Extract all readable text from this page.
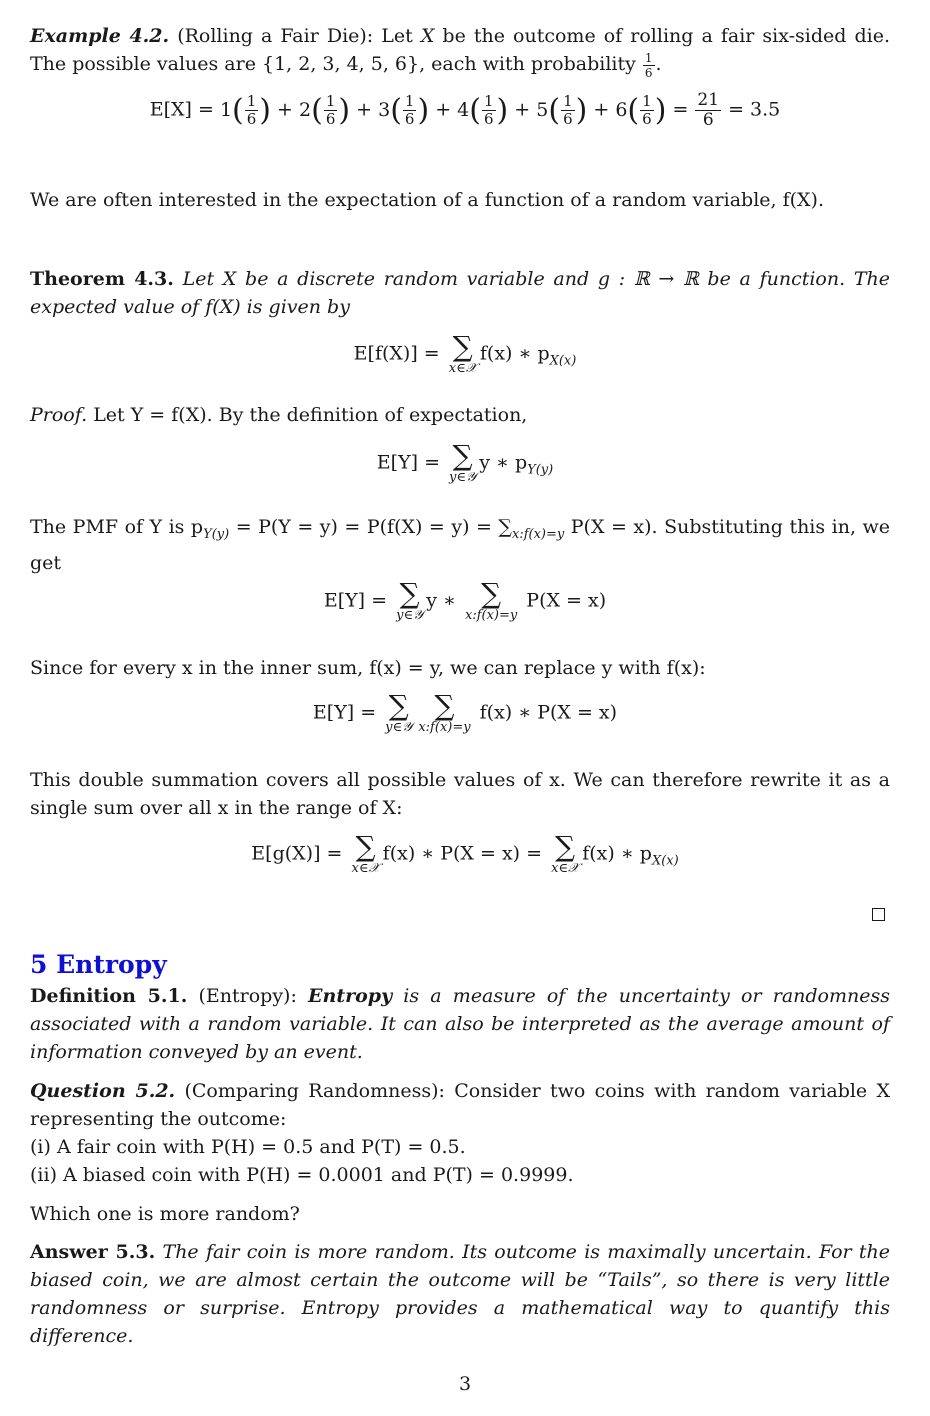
Example 4.2. (Rolling a Fair Die): Let X be the outcome of rolling a fair six-sided die. The possible values are {1, 2, 3, 4, 5, 6}, each with probability $\frac{1}{6}$ .
$E[X] = 1( \frac{1}{6}$ ) + $2( \frac{1}{6}$ ) + $3( \frac{1}{6}$ ) + $4( \frac{1}{6}$ ) + $5( \frac{1}{6}$ ) + $6( \frac{1}{6}$ ) = $\frac{21}{6} = 3.5$
We are often interested in the expectation of a function of a random variable, f(X).
Theorem 4.3. Let X be a discrete random variable and g : ℝ → ℝ be a function. The expected value of f(X) is given by
E[f(X)] = ∑
x∈𝒳
f(x) ∗ $p_{X(x)}$
Proof. Let Y = f(X). By the definition of expectation,
E[Y] = ∑
y∈𝒴
y ∗ $p_{Y(y)}$
The PMF of Y is $p_{Y(y)} = P(Y = y) = P(f(X) = y) = \sum_{x:f(x)=y}$ P(X = x). Substituting this in, we get
E[Y] = ∑
y∈𝒴
y ∗ ∑
x:f(x)=y
P(X = x)
Since for every x in the inner sum, f(x) = y, we can replace y with f(x):
E[Y] = ∑
y∈𝒴
∑
x:f(x)=y
f(x) ∗ P(X = x)
This double summation covers all possible values of x. We can therefore rewrite it as a single sum over all x in the range of X:
E[g(X)] = ∑
x∈𝒳
f(x) ∗ P(X = x) = ∑
x∈𝒳
f(x) ∗ $p_{X(x)}$
5 Entropy
Definition 5.1. (Entropy): Entropy is a measure of the uncertainty or randomness associated with a random variable. It can also be interpreted as the average amount of information conveyed by an event.
Question 5.2. (Comparing Randomness): Consider two coins with random variable X representing the outcome:
(i) A fair coin with P(H) = 0.5 and P(T) = 0.5.
(ii) A biased coin with P(H) = 0.0001 and P(T) = 0.9999.
Which one is more random?
Answer 5.3. The fair coin is more random. Its outcome is maximally uncertain. For the biased coin, we are almost certain the outcome will be “Tails”, so there is very little randomness or surprise. Entropy provides a mathematical way to quantify this difference.
3
